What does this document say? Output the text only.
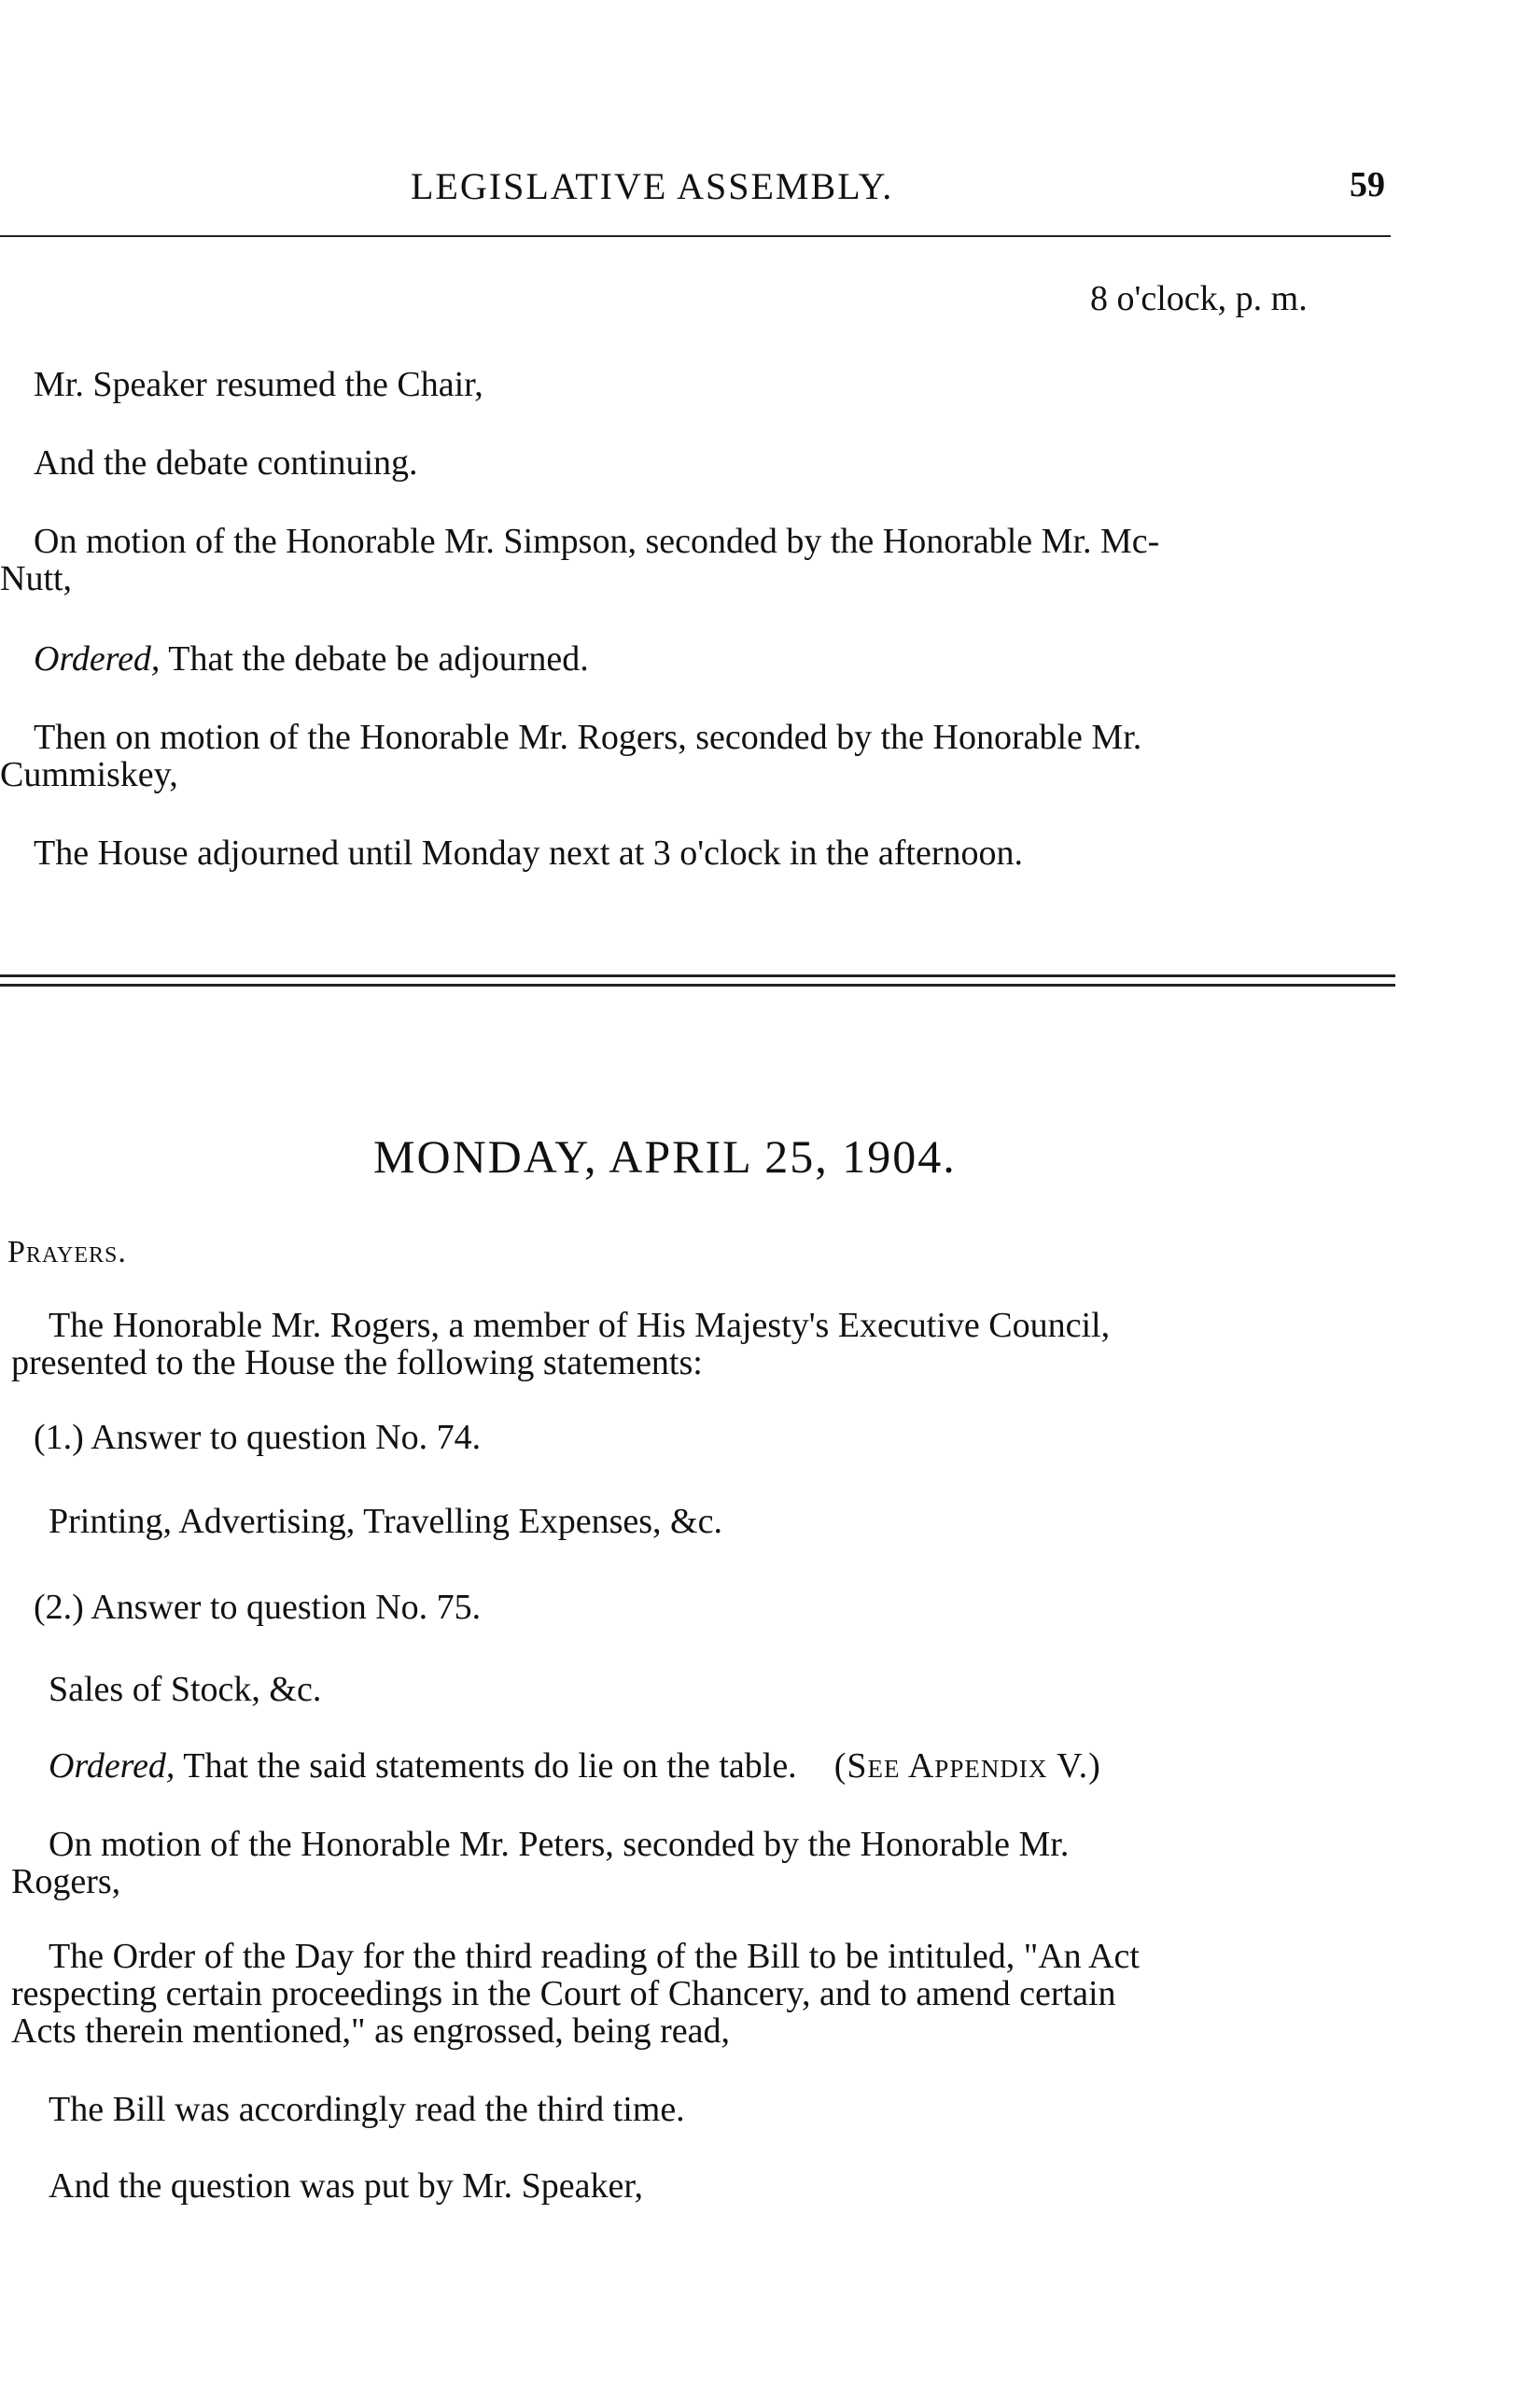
LEGISLATIVE ASSEMBLY.	59
8 o'clock, p. m.
Mr. Speaker resumed the Chair,
And the debate continuing.
On motion of the Honorable Mr. Simpson, seconded by the Honorable Mr. Mc-
Nutt,
Ordered, That the debate be adjourned.
Then on motion of the Honorable Mr. Rogers, seconded by the Honorable Mr.
Cummiskey,
The House adjourned until Monday next at 3 o'clock in the afternoon.
MONDAY, APRIL 25, 1904.
Prayers.
The Honorable Mr. Rogers, a member of His Majesty's Executive Council,
presented to the House the following statements:
(1.) Answer to question No. 74.
Printing, Advertising, Travelling Expenses, &c.
(2.) Answer to question No. 75.
Sales of Stock, &c.
Ordered, That the said statements do lie on the table. (See Appendix V.)
On motion of the Honorable Mr. Peters, seconded by the Honorable Mr.
Rogers,
The Order of the Day for the third reading of the Bill to be intituled, "An Act
respecting certain proceedings in the Court of Chancery, and to amend certain
Acts therein mentioned," as engrossed, being read,
The Bill was accordingly read the third time.
And the question was put by Mr. Speaker,
